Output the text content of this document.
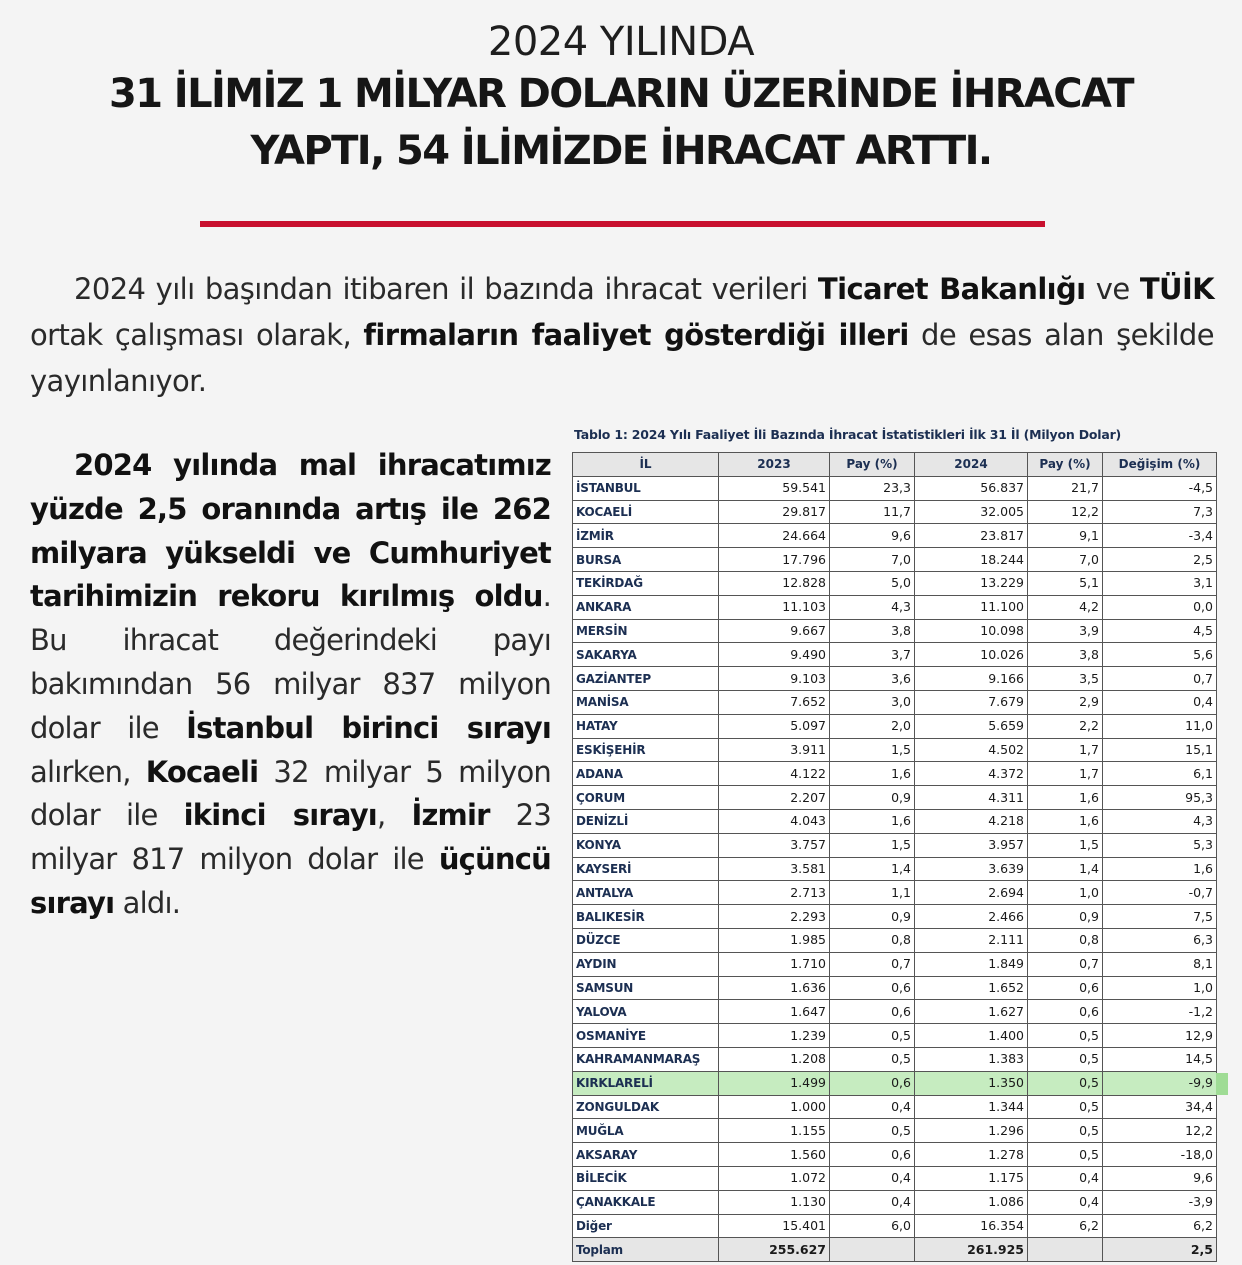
2024 YILINDA
31 İLİMİZ 1 MİLYAR DOLARIN ÜZERİNDE İHRACAT
YAPTI, 54 İLİMİZDE İHRACAT ARTTI.
2024 yılı başından itibaren il bazında ihracat verileri Ticaret Bakanlığı ve TÜİK ortak çalışması olarak, firmaların faaliyet gösterdiği illeri de esas alan şekilde yayınlanıyor.
2024 yılında mal ihracatımız yüzde 2,5 oranında artış ile 262 milyara yükseldi ve Cumhuriyet tarihimizin rekoru kırılmış oldu. Bu ihracat değerindeki payı bakımından 56 milyar 837 milyon dolar ile İstanbul birinci sırayı alırken, Kocaeli 32 milyar 5 milyon dolar ile ikinci sırayı, İzmir 23 milyar 817 milyon dolar ile üçüncü sırayı aldı.
Tablo 1: 2024 Yılı Faaliyet İli Bazında İhracat İstatistikleri İlk 31 İl (Milyon Dolar)
İL	2023	Pay (%)	2024	Pay (%)	Değişim (%)
İSTANBUL	59.541	23,3	56.837	21,7	-4,5
KOCAELİ	29.817	11,7	32.005	12,2	7,3
İZMİR	24.664	9,6	23.817	9,1	-3,4
BURSA	17.796	7,0	18.244	7,0	2,5
TEKİRDAĞ	12.828	5,0	13.229	5,1	3,1
ANKARA	11.103	4,3	11.100	4,2	0,0
MERSİN	9.667	3,8	10.098	3,9	4,5
SAKARYA	9.490	3,7	10.026	3,8	5,6
GAZİANTEP	9.103	3,6	9.166	3,5	0,7
MANİSA	7.652	3,0	7.679	2,9	0,4
HATAY	5.097	2,0	5.659	2,2	11,0
ESKİŞEHİR	3.911	1,5	4.502	1,7	15,1
ADANA	4.122	1,6	4.372	1,7	6,1
ÇORUM	2.207	0,9	4.311	1,6	95,3
DENİZLİ	4.043	1,6	4.218	1,6	4,3
KONYA	3.757	1,5	3.957	1,5	5,3
KAYSERİ	3.581	1,4	3.639	1,4	1,6
ANTALYA	2.713	1,1	2.694	1,0	-0,7
BALIKESİR	2.293	0,9	2.466	0,9	7,5
DÜZCE	1.985	0,8	2.111	0,8	6,3
AYDIN	1.710	0,7	1.849	0,7	8,1
SAMSUN	1.636	0,6	1.652	0,6	1,0
YALOVA	1.647	0,6	1.627	0,6	-1,2
OSMANİYE	1.239	0,5	1.400	0,5	12,9
KAHRAMANMARAŞ	1.208	0,5	1.383	0,5	14,5
KIRKLARELİ	1.499	0,6	1.350	0,5	-9,9
ZONGULDAK	1.000	0,4	1.344	0,5	34,4
MUĞLA	1.155	0,5	1.296	0,5	12,2
AKSARAY	1.560	0,6	1.278	0,5	-18,0
BİLECİK	1.072	0,4	1.175	0,4	9,6
ÇANAKKALE	1.130	0,4	1.086	0,4	-3,9
Diğer	15.401	6,0	16.354	6,2	6,2
Toplam	255.627		261.925		2,5
